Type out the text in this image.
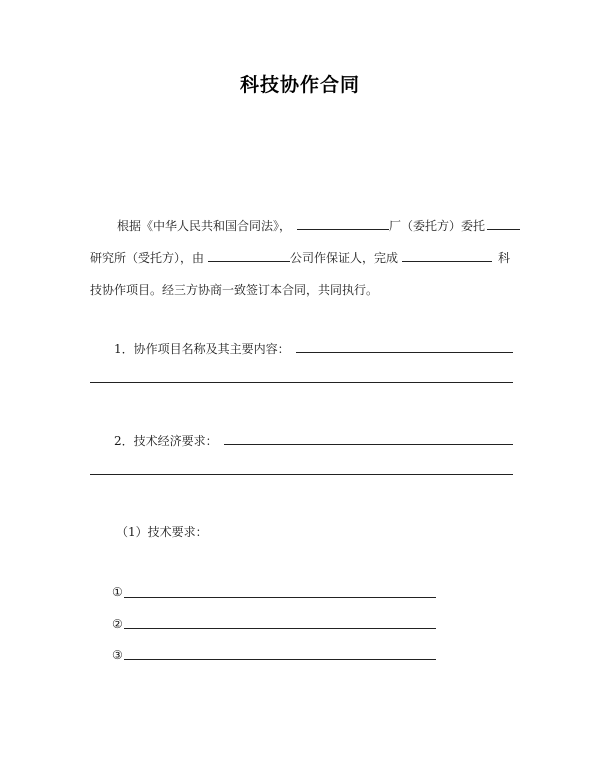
科技协作合同
根据《中华人民共和国合同法》，	厂（委托方）委托
研究所（受托方），由	公司作保证人，完成	科
技协作项目。经三方协商一致签订本合同，共同执行。
1．协作项目名称及其主要内容：
2．技术经济要求：
（1）技术要求：
①
②
③
